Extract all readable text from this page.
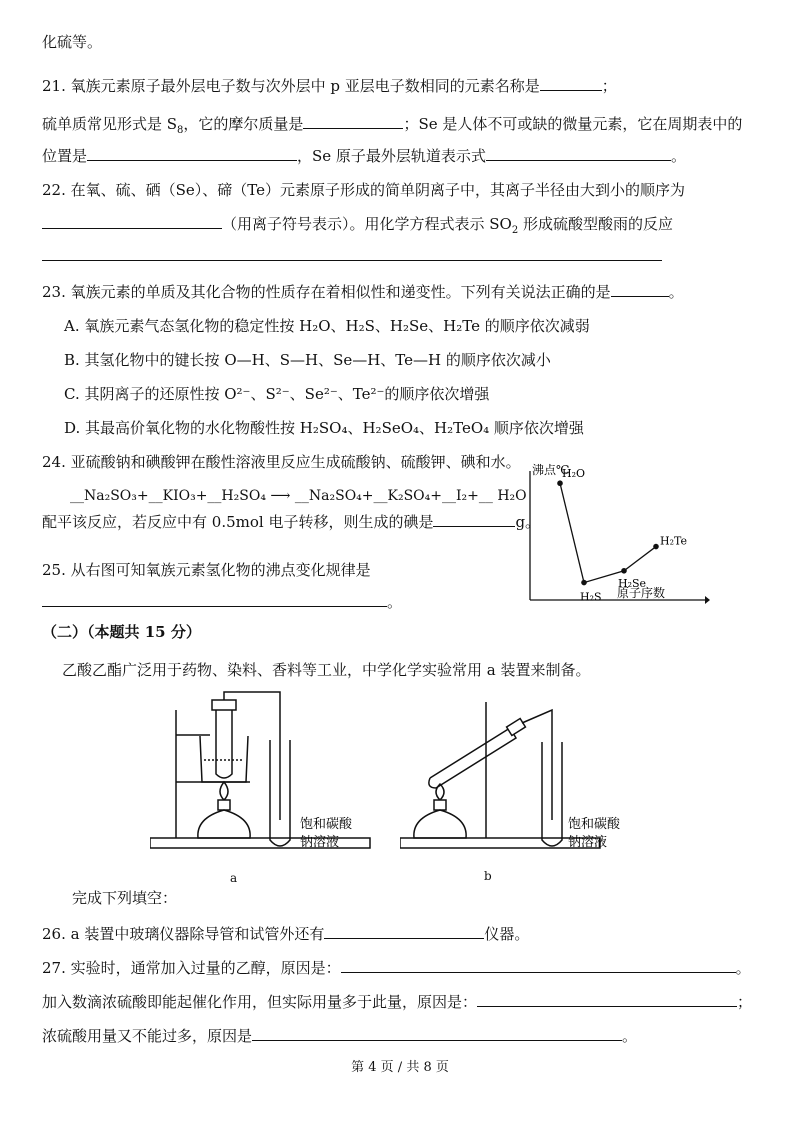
化硫等。
21. 氧族元素原子最外层电子数与次外层中 p 亚层电子数相同的元素名称是	；
硫单质常见形式是 $S_8$，它的摩尔质量是	；Se 是人体不可或缺的微量元素，它在周期表中的
位置是	，Se 原子最外层轨道表示式	。
22. 在氧、硫、硒（Se）、碲（Te）元素原子形成的简单阴离子中，其离子半径由大到小的顺序为
（用离子符号表示）。用化学方程式表示 $SO_2$ 形成硫酸型酸雨的反应
23. 氧族元素的单质及其化合物的性质存在着相似性和递变性。下列有关说法正确的是	。
A. 氧族元素气态氢化物的稳定性按 H₂O、H₂S、H₂Se、H₂Te 的顺序依次减弱
B. 其氢化物中的键长按 O—H、S—H、Se—H、Te—H 的顺序依次减小
C. 其阴离子的还原性按 O²⁻、S²⁻、Se²⁻、Te²⁻的顺序依次增强
D. 其最高价氧化物的水化物酸性按 H₂SO₄、H₂SeO₄、H₂TeO₄ 顺序依次增强
24. 亚硫酸钠和碘酸钾在酸性溶液里反应生成硫酸钠、硫酸钾、碘和水。
__Na₂SO₃+__KIO₃+__H₂SO₄ ⟶ __Na₂SO₄+__K₂SO₄+__I₂+__ H₂O
配平该反应，若反应中有 0.5mol 电子转移，则生成的碘是	g。
25. 从右图可知氧族元素氢化物的沸点变化规律是
。
沸点℃
原子序数
H₂O
H₂S
H₂Se
H₂Te
（二）（本题共 15 分）
乙酸乙酯广泛用于药物、染料、香料等工业，中学化学实验常用 a 装置来制备。
饱和碳酸
钠溶液
a
饱和碳酸
钠溶液
b
完成下列填空：
26. a 装置中玻璃仪器除导管和试管外还有	仪器。
27. 实验时，通常加入过量的乙醇，原因是：	。
加入数滴浓硫酸即能起催化作用，但实际用量多于此量，原因是：	；
浓硫酸用量又不能过多，原因是	。
第 4 页 / 共 8 页
